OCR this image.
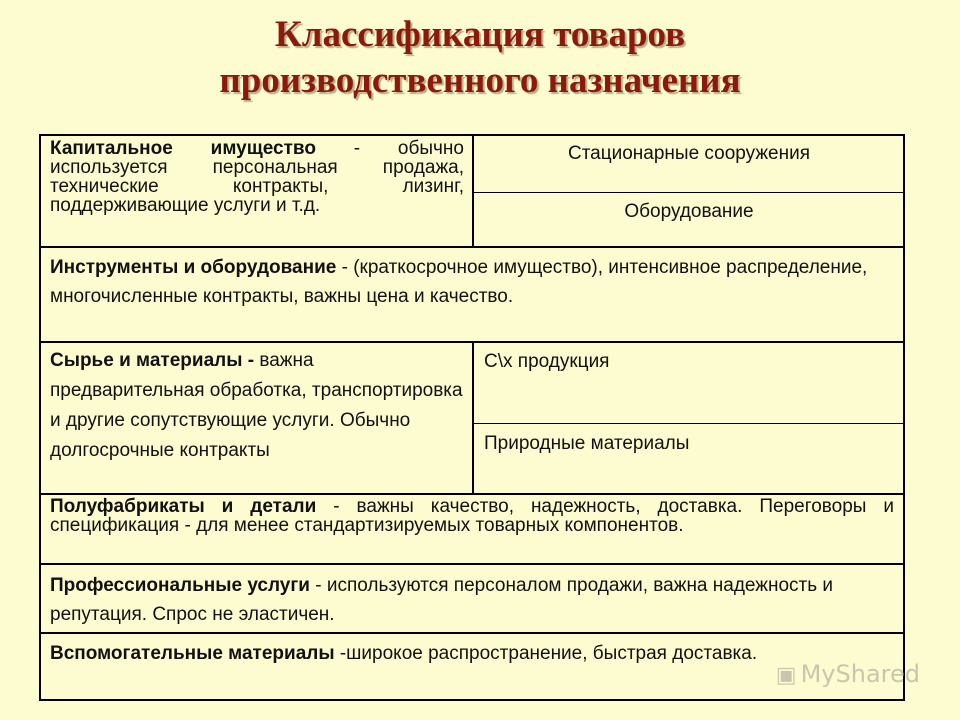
Классификация товаров
производственного назначения
Капитальное имущество - обычно используется персональная продажа, технические контракты, лизинг, поддерживающие услуги и т.д.
Стационарные сооружения
Оборудование
Инструменты и оборудование - (краткосрочное имущество), интенсивное распределение, многочисленные контракты, важны цена и качество.
Сырье и материалы - важна предварительная обработка, транспортировка и другие сопутствующие услуги. Обычно долгосрочные контракты
С\х продукция
Природные материалы
Полуфабрикаты и детали - важны качество, надежность, доставка. Переговоры и спецификация - для менее стандартизируемых товарных компонентов.
Профессиональные услуги - используются персоналом продажи, важна надежность и репутация. Спрос не эластичен.
Вспомогательные материалы -широкое распространение, быстрая доставка.
▣ MyShared
